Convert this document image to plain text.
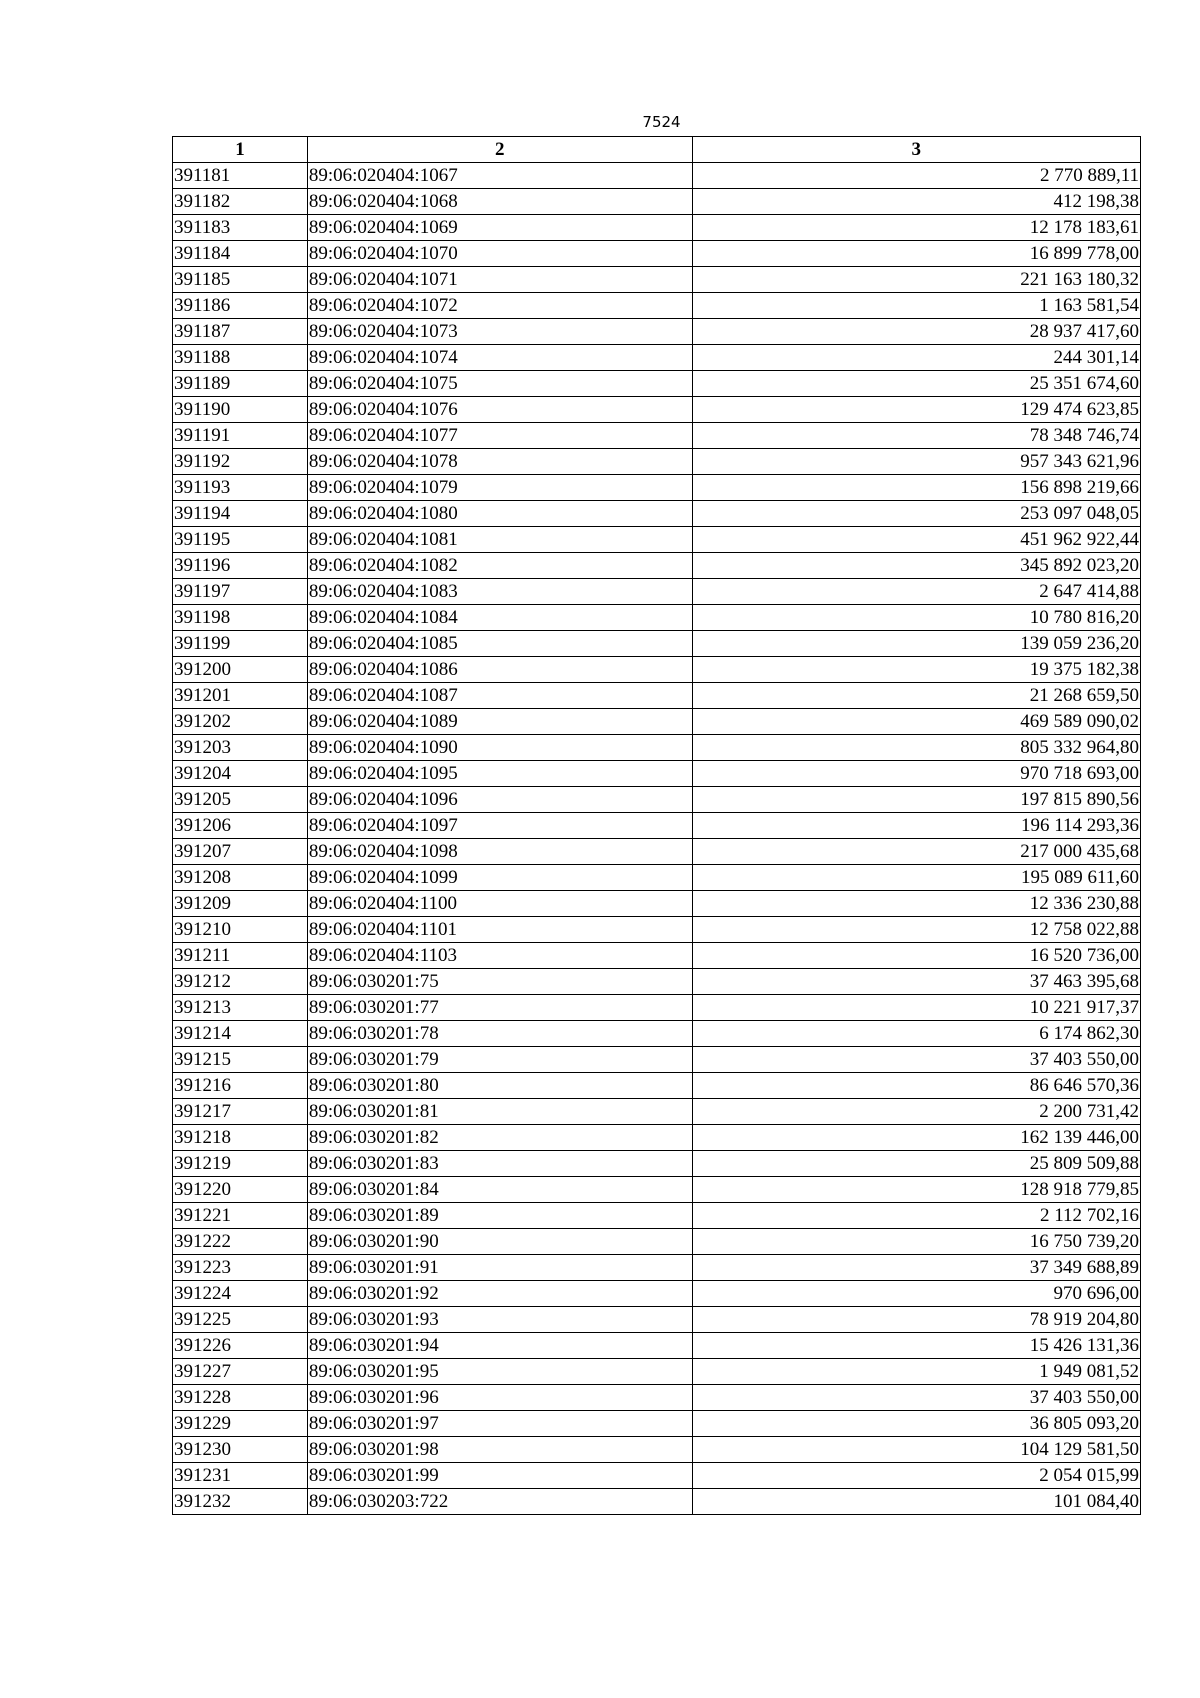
7524
1	2	3
391181	89:06:020404:1067	2 770 889,11
391182	89:06:020404:1068	412 198,38
391183	89:06:020404:1069	12 178 183,61
391184	89:06:020404:1070	16 899 778,00
391185	89:06:020404:1071	221 163 180,32
391186	89:06:020404:1072	1 163 581,54
391187	89:06:020404:1073	28 937 417,60
391188	89:06:020404:1074	244 301,14
391189	89:06:020404:1075	25 351 674,60
391190	89:06:020404:1076	129 474 623,85
391191	89:06:020404:1077	78 348 746,74
391192	89:06:020404:1078	957 343 621,96
391193	89:06:020404:1079	156 898 219,66
391194	89:06:020404:1080	253 097 048,05
391195	89:06:020404:1081	451 962 922,44
391196	89:06:020404:1082	345 892 023,20
391197	89:06:020404:1083	2 647 414,88
391198	89:06:020404:1084	10 780 816,20
391199	89:06:020404:1085	139 059 236,20
391200	89:06:020404:1086	19 375 182,38
391201	89:06:020404:1087	21 268 659,50
391202	89:06:020404:1089	469 589 090,02
391203	89:06:020404:1090	805 332 964,80
391204	89:06:020404:1095	970 718 693,00
391205	89:06:020404:1096	197 815 890,56
391206	89:06:020404:1097	196 114 293,36
391207	89:06:020404:1098	217 000 435,68
391208	89:06:020404:1099	195 089 611,60
391209	89:06:020404:1100	12 336 230,88
391210	89:06:020404:1101	12 758 022,88
391211	89:06:020404:1103	16 520 736,00
391212	89:06:030201:75	37 463 395,68
391213	89:06:030201:77	10 221 917,37
391214	89:06:030201:78	6 174 862,30
391215	89:06:030201:79	37 403 550,00
391216	89:06:030201:80	86 646 570,36
391217	89:06:030201:81	2 200 731,42
391218	89:06:030201:82	162 139 446,00
391219	89:06:030201:83	25 809 509,88
391220	89:06:030201:84	128 918 779,85
391221	89:06:030201:89	2 112 702,16
391222	89:06:030201:90	16 750 739,20
391223	89:06:030201:91	37 349 688,89
391224	89:06:030201:92	970 696,00
391225	89:06:030201:93	78 919 204,80
391226	89:06:030201:94	15 426 131,36
391227	89:06:030201:95	1 949 081,52
391228	89:06:030201:96	37 403 550,00
391229	89:06:030201:97	36 805 093,20
391230	89:06:030201:98	104 129 581,50
391231	89:06:030201:99	2 054 015,99
391232	89:06:030203:722	101 084,40
